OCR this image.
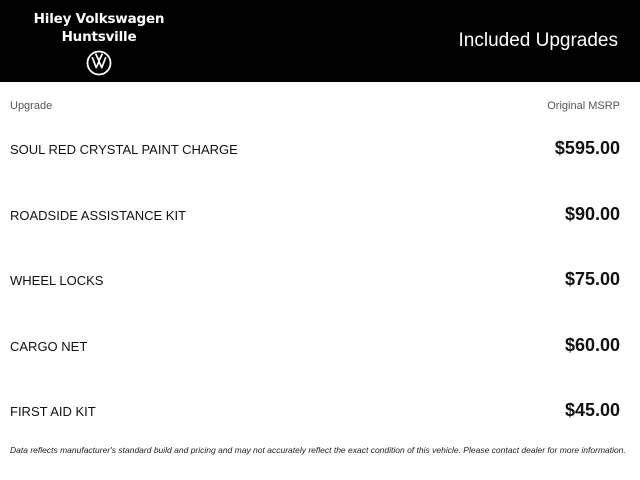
Hiley Volkswagen
Huntsville	Included Upgrades
Upgrade	Original MSRP
SOUL RED CRYSTAL PAINT CHARGE	$595.00
ROADSIDE ASSISTANCE KIT	$90.00
WHEEL LOCKS	$75.00
CARGO NET	$60.00
FIRST AID KIT	$45.00
Data reflects manufacturer's standard build and pricing and may not accurately reflect the exact condition of this vehicle. Please contact dealer for more information.
